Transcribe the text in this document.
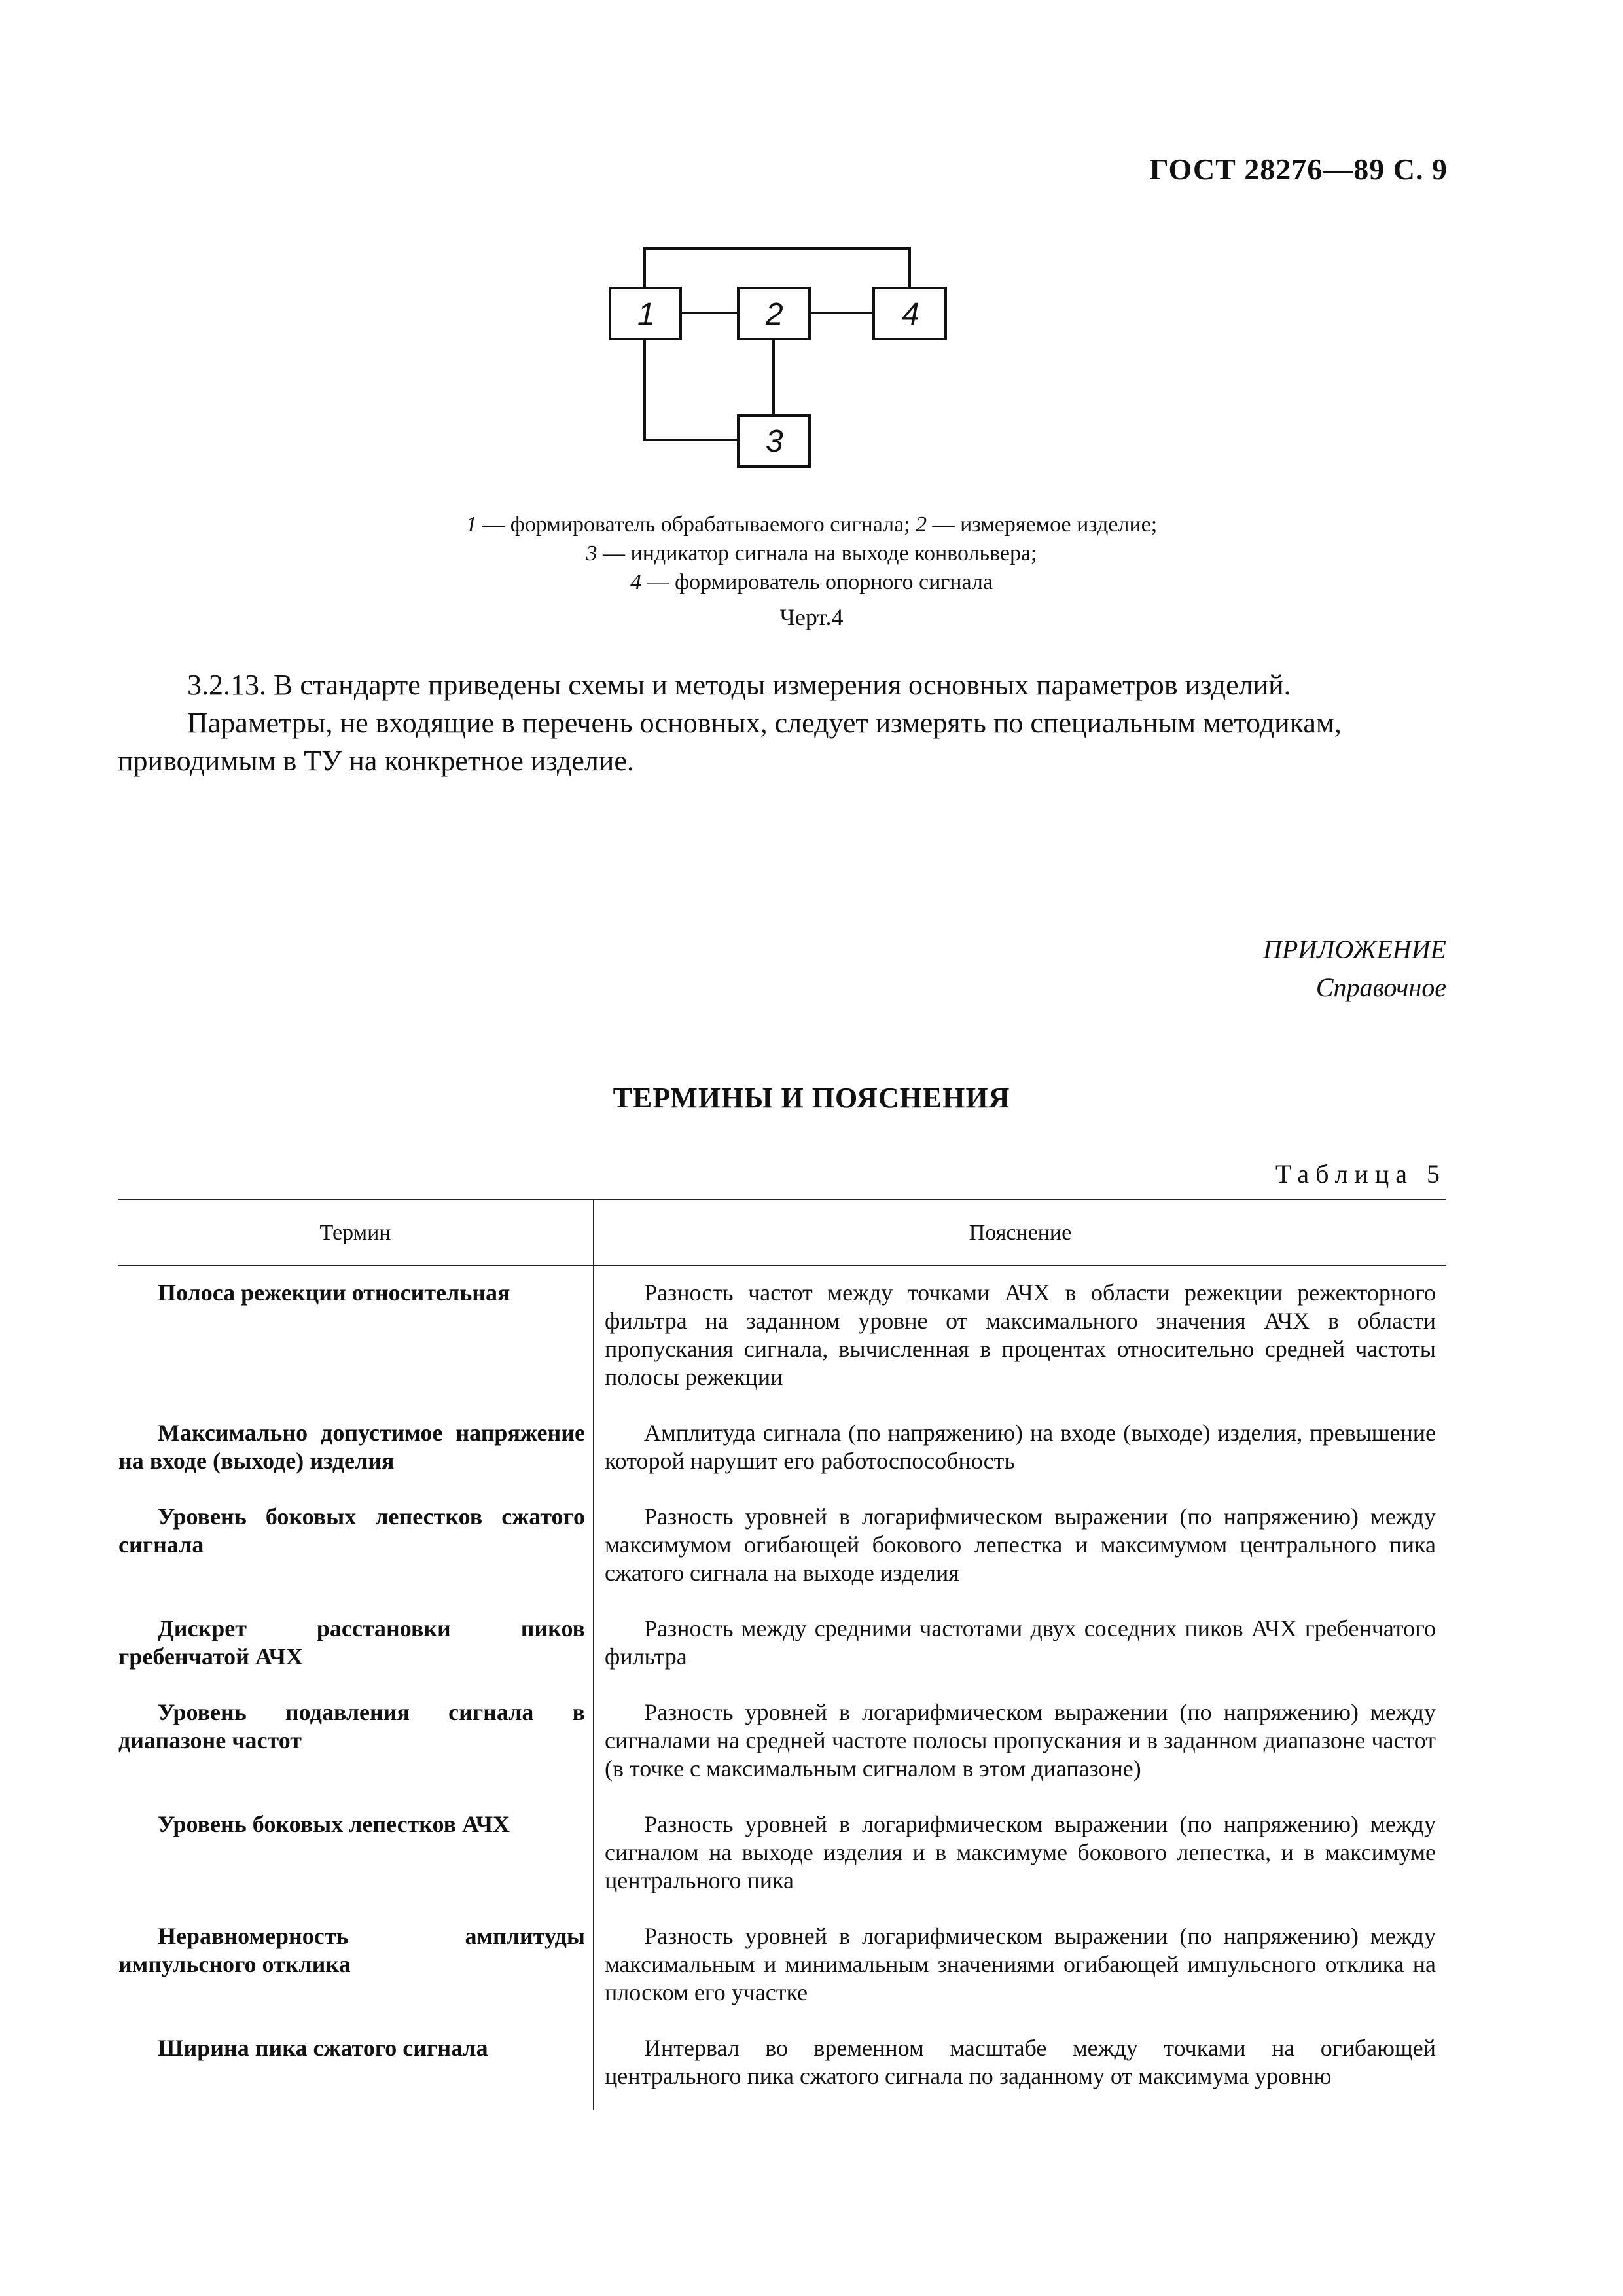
ГОСТ 28276—89 С. 9
1	2	4
3
1 — формирователь обрабатываемого сигнала; 2 — измеряемое изделие;
3 — индикатор сигнала на выходе конвольвера;
4 — формирователь опорного сигнала
Черт.4
3.2.13. В стандарте приведены схемы и методы измерения основных параметров изделий.
Параметры, не входящие в перечень основных, следует измерять по специальным методикам, приводимым в ТУ на конкретное изделие.
ПРИЛОЖЕНИЕ
Справочное
ТЕРМИНЫ И ПОЯСНЕНИЯ
Таблица 5
Термин	Пояснение
Полоса режекции относительная	Разность частот между точками АЧХ в области режекции режекторного фильтра на заданном уровне от максимального значения АЧХ в области пропускания сигнала, вычисленная в процентах относительно средней частоты полосы режекции
Максимально допустимое напряжение на входе (выходе) изделия	Амплитуда сигнала (по напряжению) на входе (выходе) изделия, превышение которой нарушит его работоспособность
Уровень боковых лепестков сжатого сигнала	Разность уровней в логарифмическом выражении (по напряжению) между максимумом огибающей бокового лепестка и максимумом центрального пика сжатого сигнала на выходе изделия
Дискрет расстановки пиков гребенчатой АЧХ	Разность между средними частотами двух соседних пиков АЧХ гребенчатого фильтра
Уровень подавления сигнала в диапазоне частот	Разность уровней в логарифмическом выражении (по напряжению) между сигналами на средней частоте полосы пропускания и в заданном диапазоне частот (в точке с максимальным сигналом в этом диапазоне)
Уровень боковых лепестков АЧХ	Разность уровней в логарифмическом выражении (по напряжению) между сигналом на выходе изделия и в максимуме бокового лепестка, и в максимуме центрального пика
Неравномерность амплитуды импульсного отклика	Разность уровней в логарифмическом выражении (по напряжению) между максимальным и минимальным значениями огибающей импульсного отклика на плоском его участке
Ширина пика сжатого сигнала	Интервал во временном масштабе между точками на огибающей центрального пика сжатого сигнала по заданному от максимума уровню
